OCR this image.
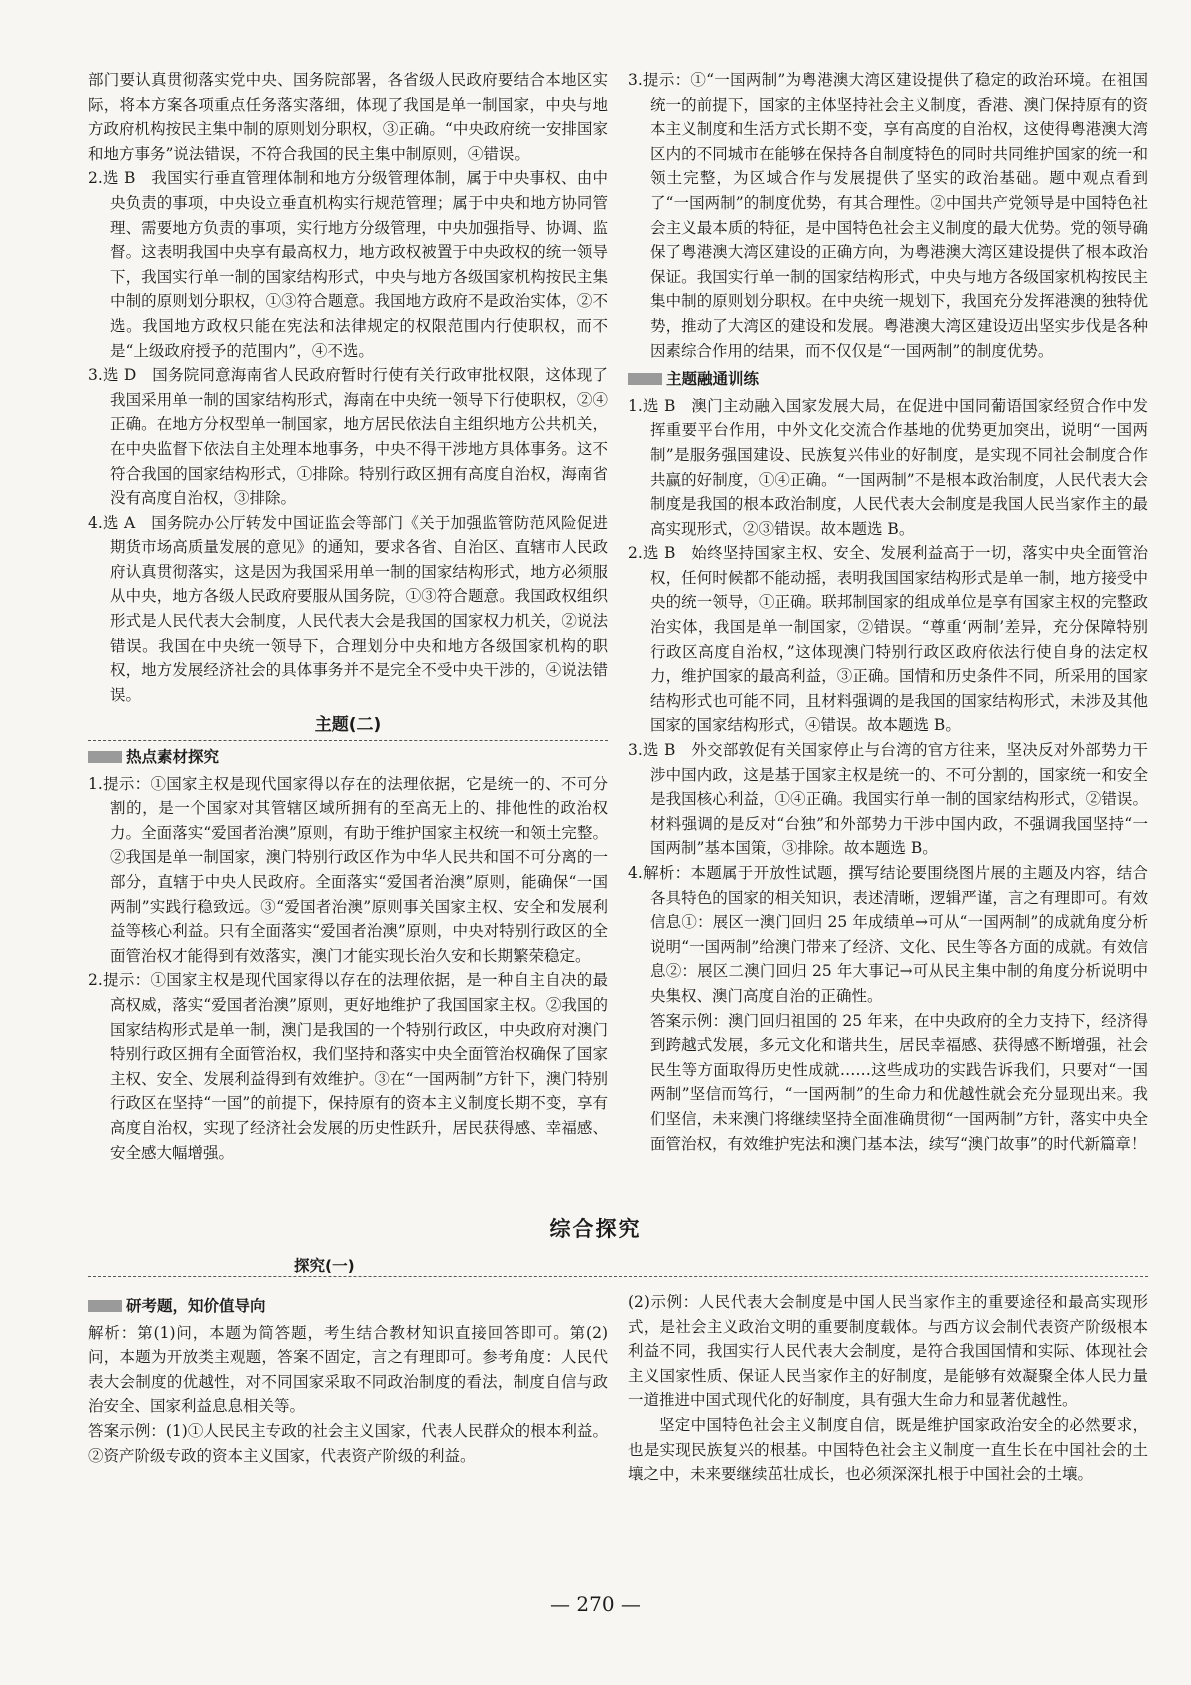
部门要认真贯彻落实党中央、国务院部署，各省级人民政府要结合本地区实际，将本方案各项重点任务落实落细，体现了我国是单一制国家，中央与地方政府机构按民主集中制的原则划分职权，③正确。“中央政府统一安排国家和地方事务”说法错误，不符合我国的民主集中制原则，④错误。

2.选 B　我国实行垂直管理体制和地方分级管理体制，属于中央事权、由中央负责的事项，中央设立垂直机构实行规范管理；属于中央和地方协同管理、需要地方负责的事项，实行地方分级管理，中央加强指导、协调、监督。这表明我国中央享有最高权力，地方政权被置于中央政权的统一领导下，我国实行单一制的国家结构形式，中央与地方各级国家机构按民主集中制的原则划分职权，①③符合题意。我国地方政府不是政治实体，②不选。我国地方政权只能在宪法和法律规定的权限范围内行使职权，而不是“上级政府授予的范围内”，④不选。

3.选 D　国务院同意海南省人民政府暂时行使有关行政审批权限，这体现了我国采用单一制的国家结构形式，海南在中央统一领导下行使职权，②④正确。在地方分权型单一制国家，地方居民依法自主组织地方公共机关，在中央监督下依法自主处理本地事务，中央不得干涉地方具体事务。这不符合我国的国家结构形式，①排除。特别行政区拥有高度自治权，海南省没有高度自治权，③排除。

4.选 A　国务院办公厅转发中国证监会等部门《关于加强监管防范风险促进期货市场高质量发展的意见》的通知，要求各省、自治区、直辖市人民政府认真贯彻落实，这是因为我国采用单一制的国家结构形式，地方必须服从中央，地方各级人民政府要服从国务院，①③符合题意。我国政权组织形式是人民代表大会制度，人民代表大会是我国的国家权力机关，②说法错误。我国在中央统一领导下，合理划分中央和地方各级国家机构的职权，地方发展经济社会的具体事务并不是完全不受中央干涉的，④说法错误。

主题(二)
热点素材探究

1.提示：①国家主权是现代国家得以存在的法理依据，它是统一的、不可分割的，是一个国家对其管辖区域所拥有的至高无上的、排他性的政治权力。全面落实“爱国者治澳”原则，有助于维护国家主权统一和领土完整。②我国是单一制国家，澳门特别行政区作为中华人民共和国不可分离的一部分，直辖于中央人民政府。全面落实“爱国者治澳”原则，能确保“一国两制”实践行稳致远。③“爱国者治澳”原则事关国家主权、安全和发展利益等核心利益。只有全面落实“爱国者治澳”原则，中央对特别行政区的全面管治权才能得到有效落实，澳门才能实现长治久安和长期繁荣稳定。

2.提示：①国家主权是现代国家得以存在的法理依据，是一种自主自决的最高权威，落实“爱国者治澳”原则，更好地维护了我国国家主权。②我国的国家结构形式是单一制，澳门是我国的一个特别行政区，中央政府对澳门特别行政区拥有全面管治权，我们坚持和落实中央全面管治权确保了国家主权、安全、发展利益得到有效维护。③在“一国两制”方针下，澳门特别行政区在坚持“一国”的前提下，保持原有的资本主义制度长期不变，享有高度自治权，实现了经济社会发展的历史性跃升，居民获得感、幸福感、安全感大幅增强。

3.提示：①“一国两制”为粤港澳大湾区建设提供了稳定的政治环境。在祖国统一的前提下，国家的主体坚持社会主义制度，香港、澳门保持原有的资本主义制度和生活方式长期不变，享有高度的自治权，这使得粤港澳大湾区内的不同城市在能够在保持各自制度特色的同时共同维护国家的统一和领土完整，为区域合作与发展提供了坚实的政治基础。题中观点看到了“一国两制”的制度优势，有其合理性。②中国共产党领导是中国特色社会主义最本质的特征，是中国特色社会主义制度的最大优势。党的领导确保了粤港澳大湾区建设的正确方向，为粤港澳大湾区建设提供了根本政治保证。我国实行单一制的国家结构形式，中央与地方各级国家机构按民主集中制的原则划分职权。在中央统一规划下，我国充分发挥港澳的独特优势，推动了大湾区的建设和发展。粤港澳大湾区建设迈出坚实步伐是各种因素综合作用的结果，而不仅仅是“一国两制”的制度优势。

主题融通训练

1.选 B　澳门主动融入国家发展大局，在促进中国同葡语国家经贸合作中发挥重要平台作用，中外文化交流合作基地的优势更加突出，说明“一国两制”是服务强国建设、民族复兴伟业的好制度，是实现不同社会制度合作共赢的好制度，①④正确。“一国两制”不是根本政治制度，人民代表大会制度是我国的根本政治制度，人民代表大会制度是我国人民当家作主的最高实现形式，②③错误。故本题选 B。

2.选 B　始终坚持国家主权、安全、发展利益高于一切，落实中央全面管治权，任何时候都不能动摇，表明我国国家结构形式是单一制，地方接受中央的统一领导，①正确。联邦制国家的组成单位是享有国家主权的完整政治实体，我国是单一制国家，②错误。“尊重‘两制’差异，充分保障特别行政区高度自治权，”这体现澳门特别行政区政府依法行使自身的法定权力，维护国家的最高利益，③正确。国情和历史条件不同，所采用的国家结构形式也可能不同，且材料强调的是我国的国家结构形式，未涉及其他国家的国家结构形式，④错误。故本题选 B。

3.选 B　外交部敦促有关国家停止与台湾的官方往来，坚决反对外部势力干涉中国内政，这是基于国家主权是统一的、不可分割的，国家统一和安全是我国核心利益，①④正确。我国实行单一制的国家结构形式，②错误。材料强调的是反对“台独”和外部势力干涉中国内政，不强调我国坚持“一国两制”基本国策，③排除。故本题选 B。

4.解析：本题属于开放性试题，撰写结论要围绕图片展的主题及内容，结合各具特色的国家的相关知识，表述清晰，逻辑严谨，言之有理即可。有效信息①：展区一澳门回归 25 年成绩单→可从“一国两制”的成就角度分析说明“一国两制”给澳门带来了经济、文化、民生等各方面的成就。有效信息②：展区二澳门回归 25 年大事记→可从民主集中制的角度分析说明中央集权、澳门高度自治的正确性。

答案示例：澳门回归祖国的 25 年来，在中央政府的全力支持下，经济得到跨越式发展，多元文化和谐共生，居民幸福感、获得感不断增强，社会民生等方面取得历史性成就……这些成功的实践告诉我们，只要对“一国两制”坚信而笃行，“一国两制”的生命力和优越性就会充分显现出来。我们坚信，未来澳门将继续坚持全面准确贯彻“一国两制”方针，落实中央全面管治权，有效维护宪法和澳门基本法，续写“澳门故事”的时代新篇章！

综合探究
探究(一)
研考题，知价值导向

解析：第(1)问，本题为简答题，考生结合教材知识直接回答即可。第(2)问，本题为开放类主观题，答案不固定，言之有理即可。参考角度：人民代表大会制度的优越性，对不同国家采取不同政治制度的看法，制度自信与政治安全、国家利益息息相关等。

答案示例：(1)①人民民主专政的社会主义国家，代表人民群众的根本利益。②资产阶级专政的资本主义国家，代表资产阶级的利益。

(2)示例：人民代表大会制度是中国人民当家作主的重要途径和最高实现形式，是社会主义政治文明的重要制度载体。与西方议会制代表资产阶级根本利益不同，我国实行人民代表大会制度，是符合我国国情和实际、体现社会主义国家性质、保证人民当家作主的好制度，是能够有效凝聚全体人民力量一道推进中国式现代化的好制度，具有强大生命力和显著优越性。

坚定中国特色社会主义制度自信，既是维护国家政治安全的必然要求，也是实现民族复兴的根基。中国特色社会主义制度一直生长在中国社会的土壤之中，未来要继续茁壮成长，也必须深深扎根于中国社会的土壤。

— 270 —
